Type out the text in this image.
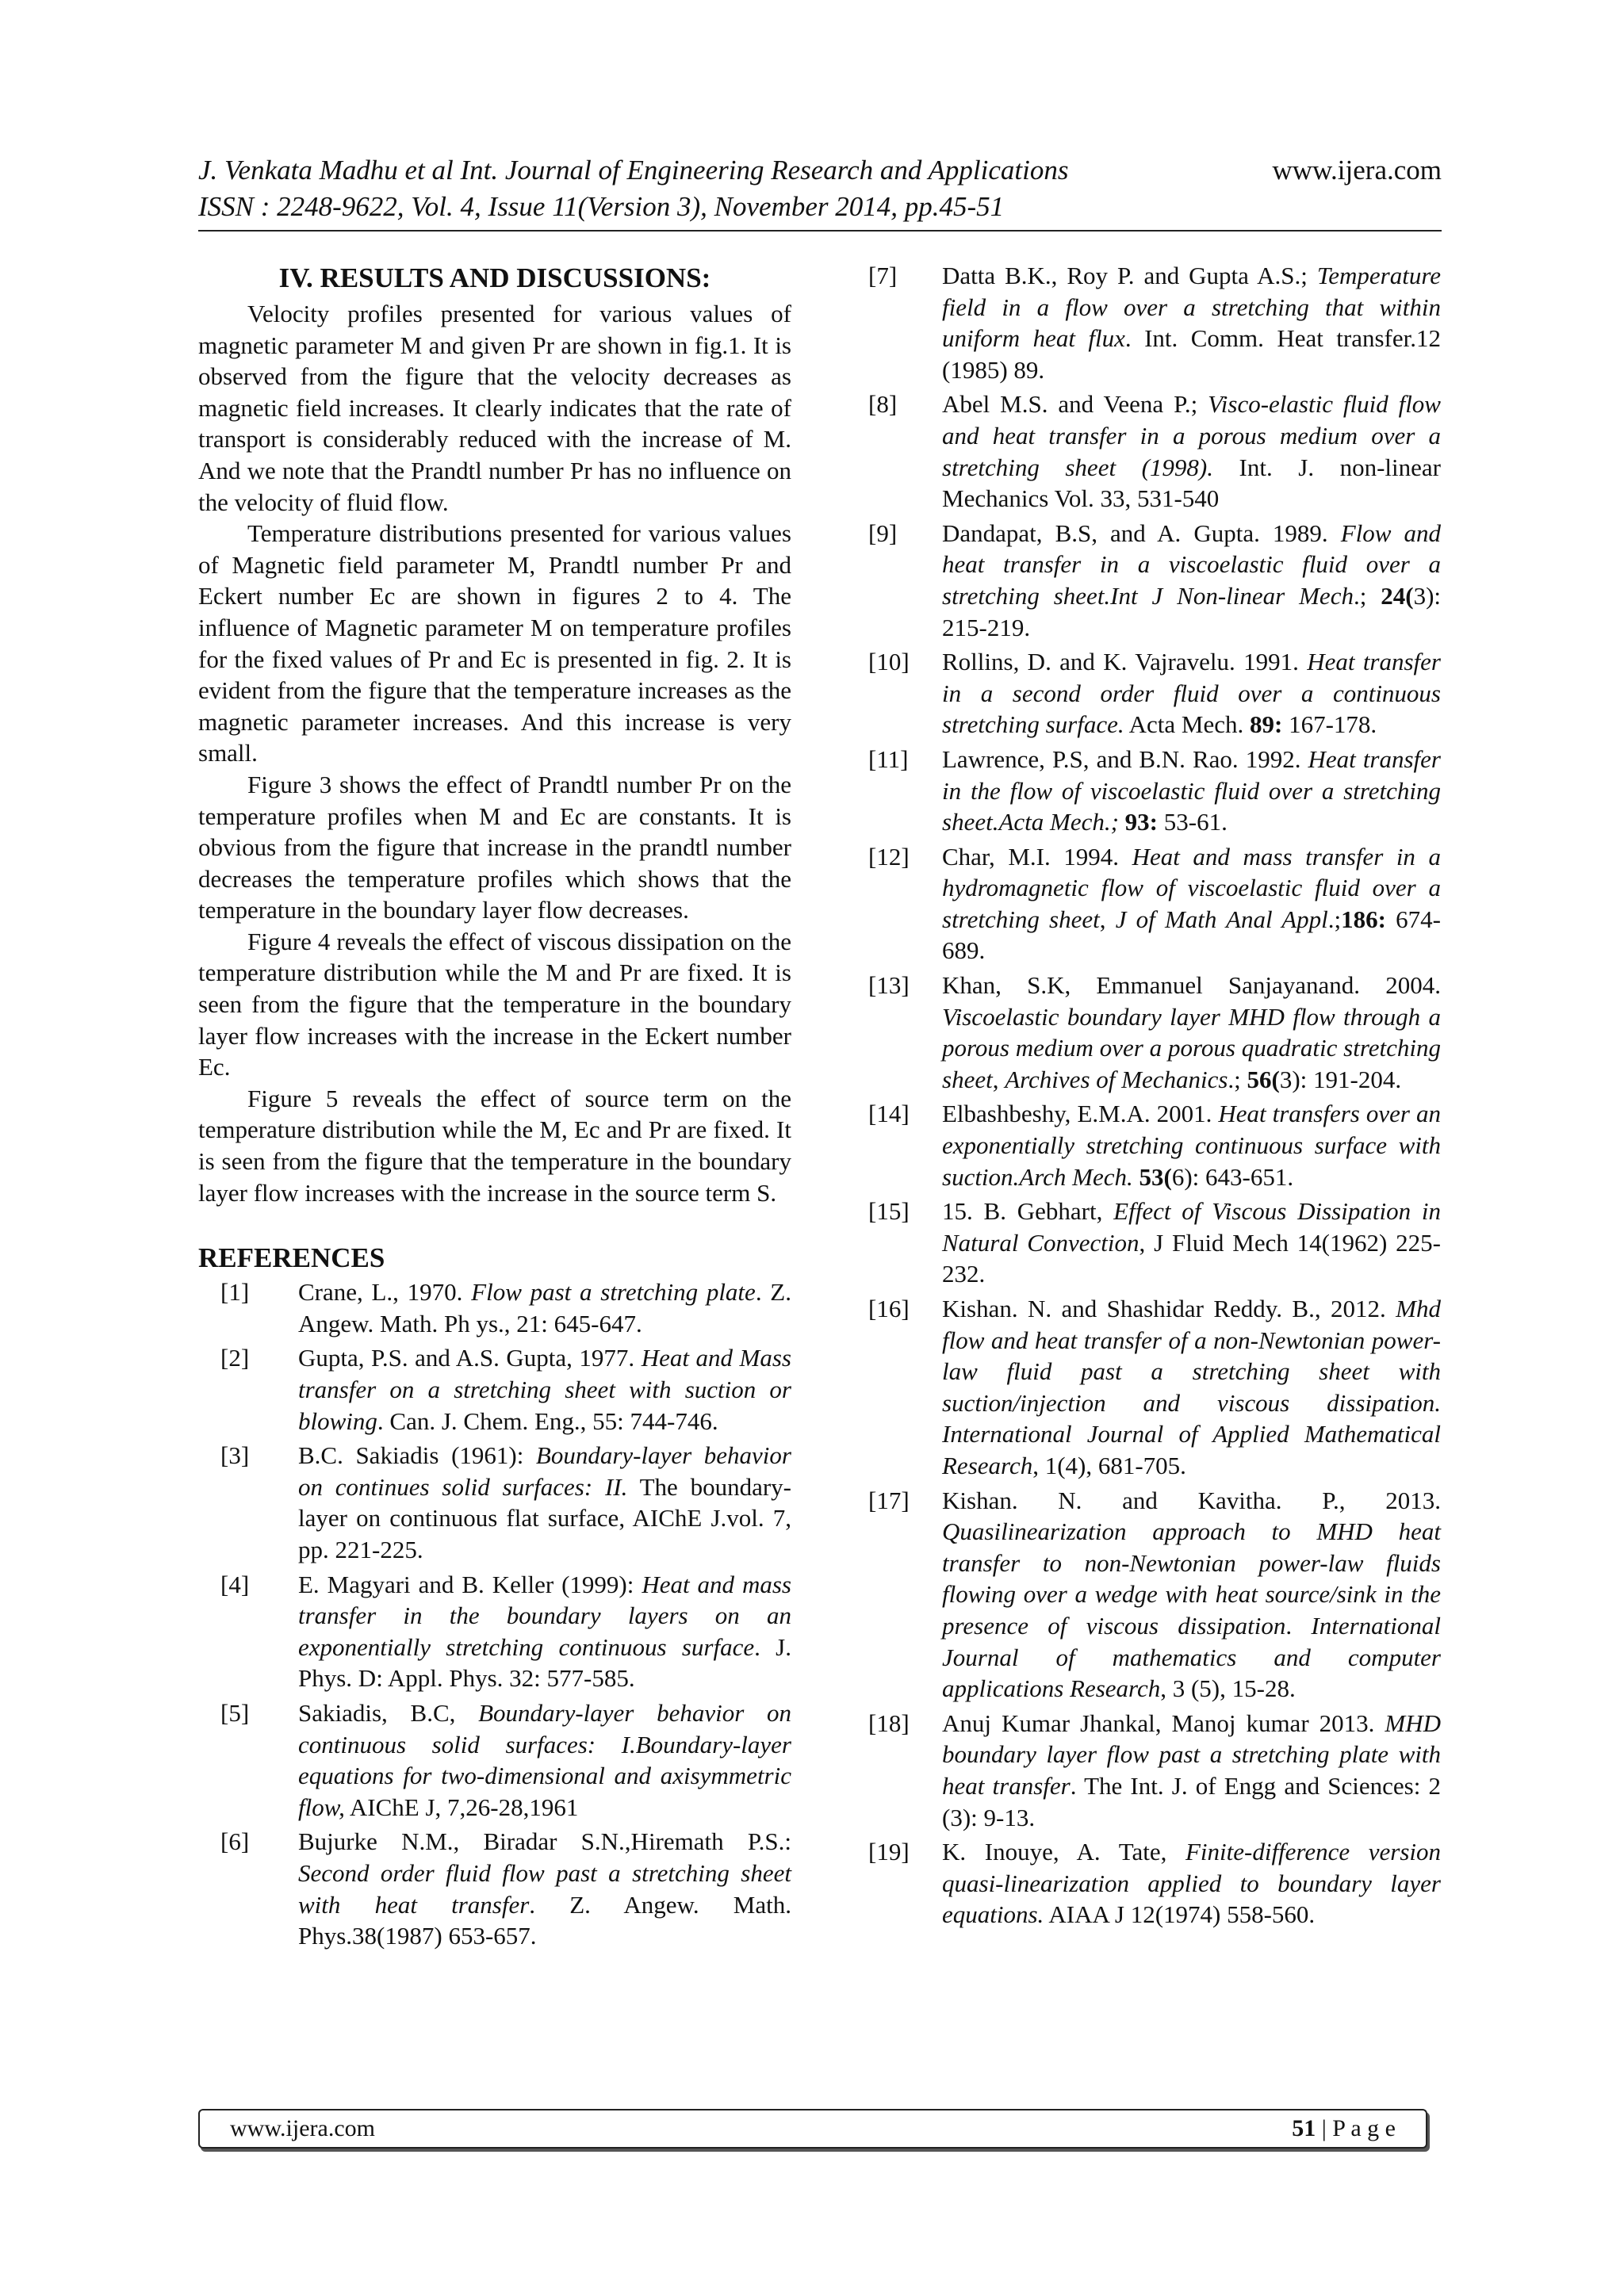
J. Venkata Madhu et al Int. Journal of Engineering Research and Applications	www.ijera.com
ISSN : 2248-9622, Vol. 4, Issue 11(Version 3), November 2014, pp.45-51
IV. RESULTS AND DISCUSSIONS:

Velocity profiles presented for various values of magnetic parameter M and given Pr are shown in fig.1. It is observed from the figure that the velocity decreases as magnetic field increases. It clearly indicates that the rate of transport is considerably reduced with the increase of M. And we note that the Prandtl number Pr has no influence on the velocity of fluid flow.

Temperature distributions presented for various values of Magnetic field parameter M, Prandtl number Pr and Eckert number Ec are shown in figures 2 to 4. The influence of Magnetic parameter M on temperature profiles for the fixed values of Pr and Ec is presented in fig. 2. It is evident from the figure that the temperature increases as the magnetic parameter increases. And this increase is very small.

Figure 3 shows the effect of Prandtl number Pr on the temperature profiles when M and Ec are constants. It is obvious from the figure that increase in the prandtl number decreases the temperature profiles which shows that the temperature in the boundary layer flow decreases.

Figure 4 reveals the effect of viscous dissipation on the temperature distribution while the M and Pr are fixed. It is seen from the figure that the temperature in the boundary layer flow increases with the increase in the Eckert number Ec.

Figure 5 reveals the effect of source term on the temperature distribution while the M, Ec and Pr are fixed. It is seen from the figure that the temperature in the boundary layer flow increases with the increase in the source term S.

REFERENCES
[1]	Crane, L., 1970. Flow past a stretching plate. Z. Angew. Math. Ph ys., 21: 645-647.
[2]	Gupta, P.S. and A.S. Gupta, 1977. Heat and Mass transfer on a stretching sheet with suction or blowing. Can. J. Chem. Eng., 55: 744-746.
[3]	B.C. Sakiadis (1961): Boundary-layer behavior on continues solid surfaces: II. The boundary-layer on continuous flat surface, AIChE J.vol. 7, pp. 221-225.
[4]	E. Magyari and B. Keller (1999): Heat and mass transfer in the boundary layers on an exponentially stretching continuous surface. J. Phys. D: Appl. Phys. 32: 577-585.
[5]	Sakiadis, B.C, Boundary-layer behavior on continuous solid surfaces: I.Boundary-layer equations for two-dimensional and axisymmetric flow, AIChE J, 7,26-28,1961
[6]	Bujurke N.M., Biradar S.N.,Hiremath P.S.: Second order fluid flow past a stretching sheet with heat transfer. Z. Angew. Math. Phys.38(1987) 653-657.
[7]	Datta B.K., Roy P. and Gupta A.S.; Temperature field in a flow over a stretching that within uniform heat flux. Int. Comm. Heat transfer.12 (1985) 89.
[8]	Abel M.S. and Veena P.; Visco-elastic fluid flow and heat transfer in a porous medium over a stretching sheet (1998). Int. J. non-linear Mechanics Vol. 33, 531-540
[9]	Dandapat, B.S, and A. Gupta. 1989. Flow and heat transfer in a viscoelastic fluid over a stretching sheet.Int J Non-linear Mech.; 24(3): 215-219.
[10]	Rollins, D. and K. Vajravelu. 1991. Heat transfer in a second order fluid over a continuous stretching surface. Acta Mech. 89: 167-178.
[11]	Lawrence, P.S, and B.N. Rao. 1992. Heat transfer in the flow of viscoelastic fluid over a stretching sheet.Acta Mech.; 93: 53-61.
[12]	Char, M.I. 1994. Heat and mass transfer in a hydromagnetic flow of viscoelastic fluid over a stretching sheet, J of Math Anal Appl.;186: 674-689.
[13]	Khan, S.K, Emmanuel Sanjayanand. 2004. Viscoelastic boundary layer MHD flow through a porous medium over a porous quadratic stretching sheet, Archives of Mechanics.; 56(3): 191-204.
[14]	Elbashbeshy, E.M.A. 2001. Heat transfers over an exponentially stretching continuous surface with suction.Arch Mech. 53(6): 643-651.
[15]	15. B. Gebhart, Effect of Viscous Dissipation in Natural Convection, J Fluid Mech 14(1962) 225-232.
[16]	Kishan. N. and Shashidar Reddy. B., 2012. Mhd flow and heat transfer of a non-Newtonian power-law fluid past a stretching sheet with suction/injection and viscous dissipation. International Journal of Applied Mathematical Research, 1(4), 681-705.
[17]	Kishan. N. and Kavitha. P., 2013. Quasilinearization approach to MHD heat transfer to non-Newtonian power-law fluids flowing over a wedge with heat source/sink in the presence of viscous dissipation. International Journal of mathematics and computer applications Research, 3 (5), 15-28.
[18]	Anuj Kumar Jhankal, Manoj kumar 2013. MHD boundary layer flow past a stretching plate with heat transfer. The Int. J. of Engg and Sciences: 2 (3): 9-13.
[19]	K. Inouye, A. Tate, Finite-difference version quasi-linearization applied to boundary layer equations. AIAA J 12(1974) 558-560.
www.ijera.com	51 | P a g e
